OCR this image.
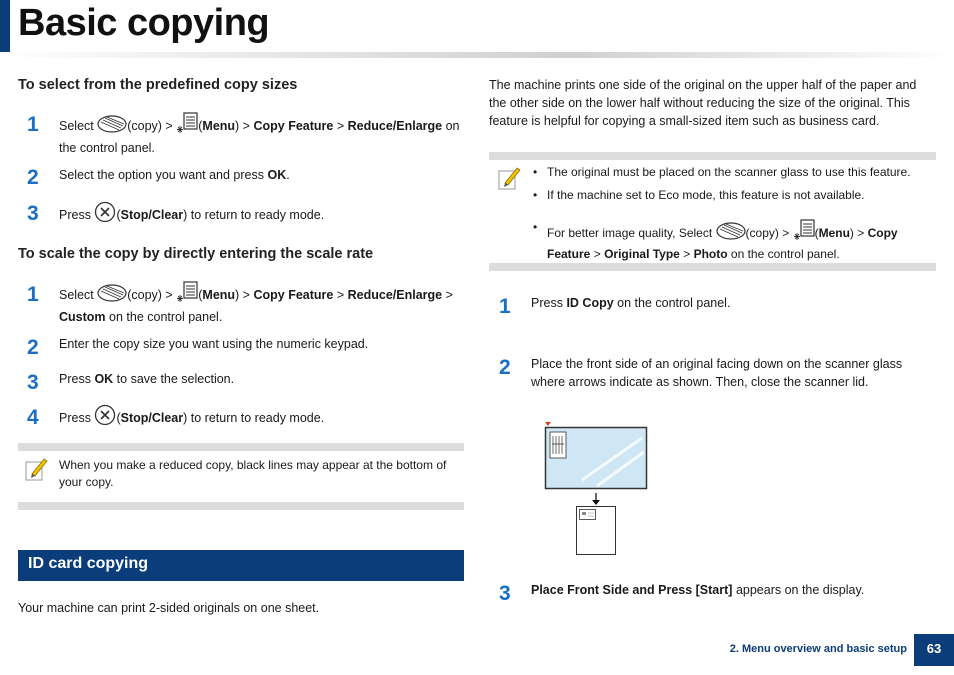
Basic copying
To select from the predefined copy sizes
1	Select	(copy) > (Menu) > Copy Feature > Reduce/Enlarge on the control panel.
2	Select the option you want and press OK.
3	Press (Stop/Clear) to return to ready mode.
To scale the copy by directly entering the scale rate
1	Select	(copy) > (Menu) > Copy Feature > Reduce/Enlarge >
Custom on the control panel.
2	Enter the copy size you want using the numeric keypad.
3	Press OK to save the selection.
4	Press (Stop/Clear) to return to ready mode.
When you make a reduced copy, black lines may appear at the bottom of your copy.
ID card copying
Your machine can print 2-sided originals on one sheet.
The machine prints one side of the original on the upper half of the paper and the other side on the lower half without reducing the size of the original. This feature is helpful for copying a small-sized item such as business card.
• The original must be placed on the scanner glass to use this feature.
• If the machine set to Eco mode, this feature is not available.
• For better image quality, Select	(copy) > (Menu) > Copy Feature > Original Type > Photo on the control panel.
1	Press ID Copy on the control panel.
2	Place the front side of an original facing down on the scanner glass where arrows indicate as shown. Then, close the scanner lid.
3	Place Front Side and Press [Start] appears on the display.
2. Menu overview and basic setup	63
